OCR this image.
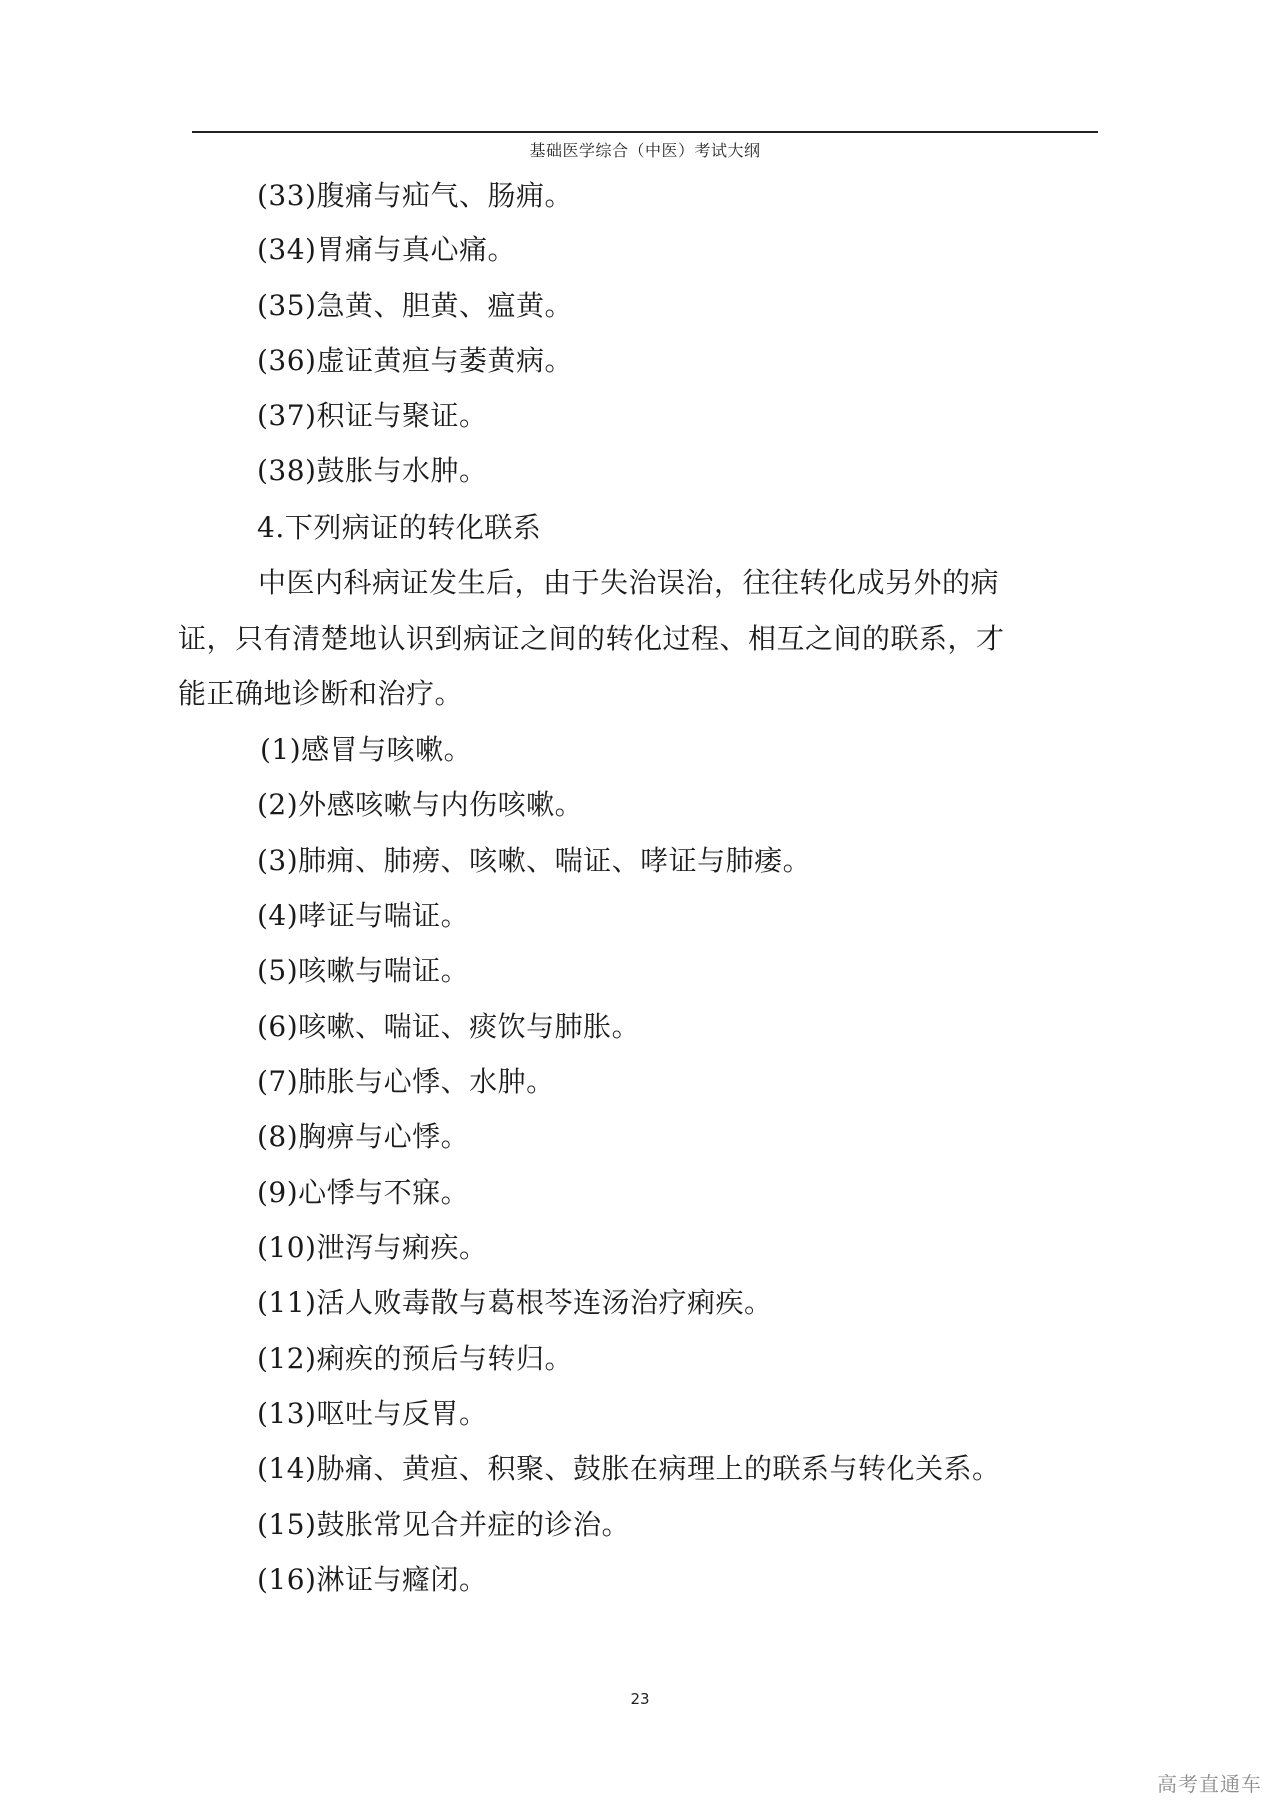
基础医学综合（中医）考试大纲
(33)腹痛与疝气、肠痈。
(34)胃痛与真心痛。
(35)急黄、胆黄、瘟黄。
(36)虚证黄疸与萎黄病。
(37)积证与聚证。
(38)鼓胀与水肿。
4.下列病证的转化联系
中医内科病证发生后，由于失治误治，往往转化成另外的病
证，只有清楚地认识到病证之间的转化过程、相互之间的联系，才
能正确地诊断和治疗。
(1)感冒与咳嗽。
(2)外感咳嗽与内伤咳嗽。
(3)肺痈、肺痨、咳嗽、喘证、哮证与肺痿。
(4)哮证与喘证。
(5)咳嗽与喘证。
(6)咳嗽、喘证、痰饮与肺胀。
(7)肺胀与心悸、水肿。
(8)胸痹与心悸。
(9)心悸与不寐。
(10)泄泻与痢疾。
(11)活人败毒散与葛根芩连汤治疗痢疾。
(12)痢疾的预后与转归。
(13)呕吐与反胃。
(14)胁痛、黄疸、积聚、鼓胀在病理上的联系与转化关系。
(15)鼓胀常见合并症的诊治。
(16)淋证与癃闭。
23
高考直通车
